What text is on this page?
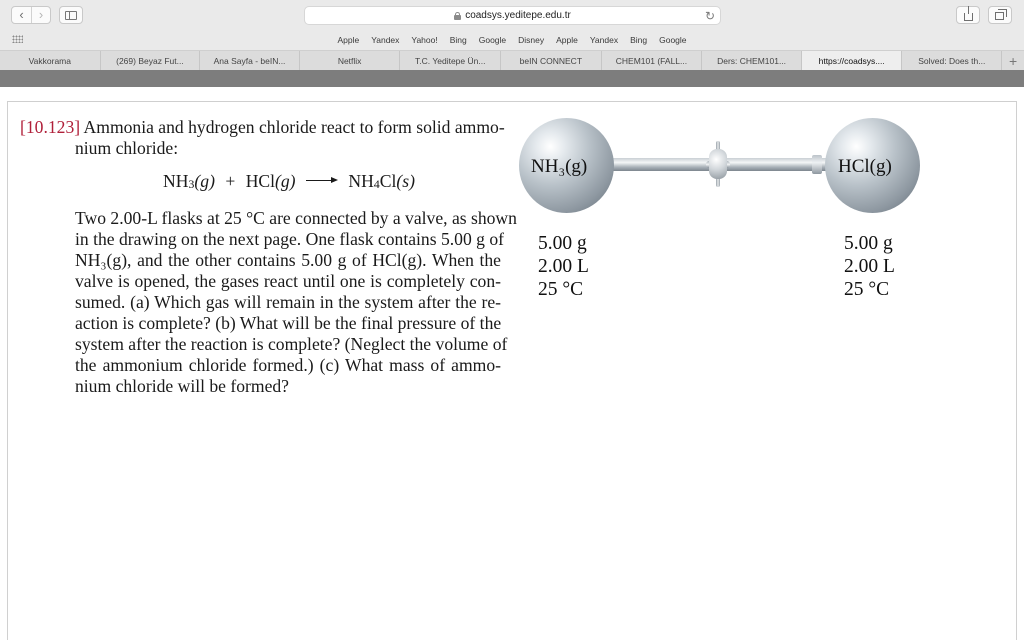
‹	›	coadsys.yeditepe.edu.tr	↻
Apple	Yandex	Yahoo!	Bing	Google	Disney	Apple	Yandex	Bing	Google
Vakkorama	(269) Beyaz Fut...	Ana Sayfa - beIN...	Netflix	T.C. Yeditepe Ün...	beIN CONNECT	CHEM101 (FALL...	Ders: CHEM101...	https://coadsys....	Solved: Does th...	+
[10.123] Ammonia and hydrogen chloride react to form solid ammo-
nium chloride:
$NH_3(g) + HCl(g)$	$NH_4Cl(s)$
Two 2.00-L flasks at 25 °C are connected by a valve, as shown
in the drawing on the next page. One flask contains 5.00 g of
NH₃(g), and the other contains 5.00 g of HCl(g). When the
valve is opened, the gases react until one is completely con-
sumed. (a) Which gas will remain in the system after the re-
action is complete? (b) What will be the final pressure of the
system after the reaction is complete? (Neglect the volume of
the ammonium chloride formed.) (c) What mass of ammo-
nium chloride will be formed?
NH₃(g)	HCl(g)
5.00 g
2.00 L
25 °C
5.00 g
2.00 L
25 °C
